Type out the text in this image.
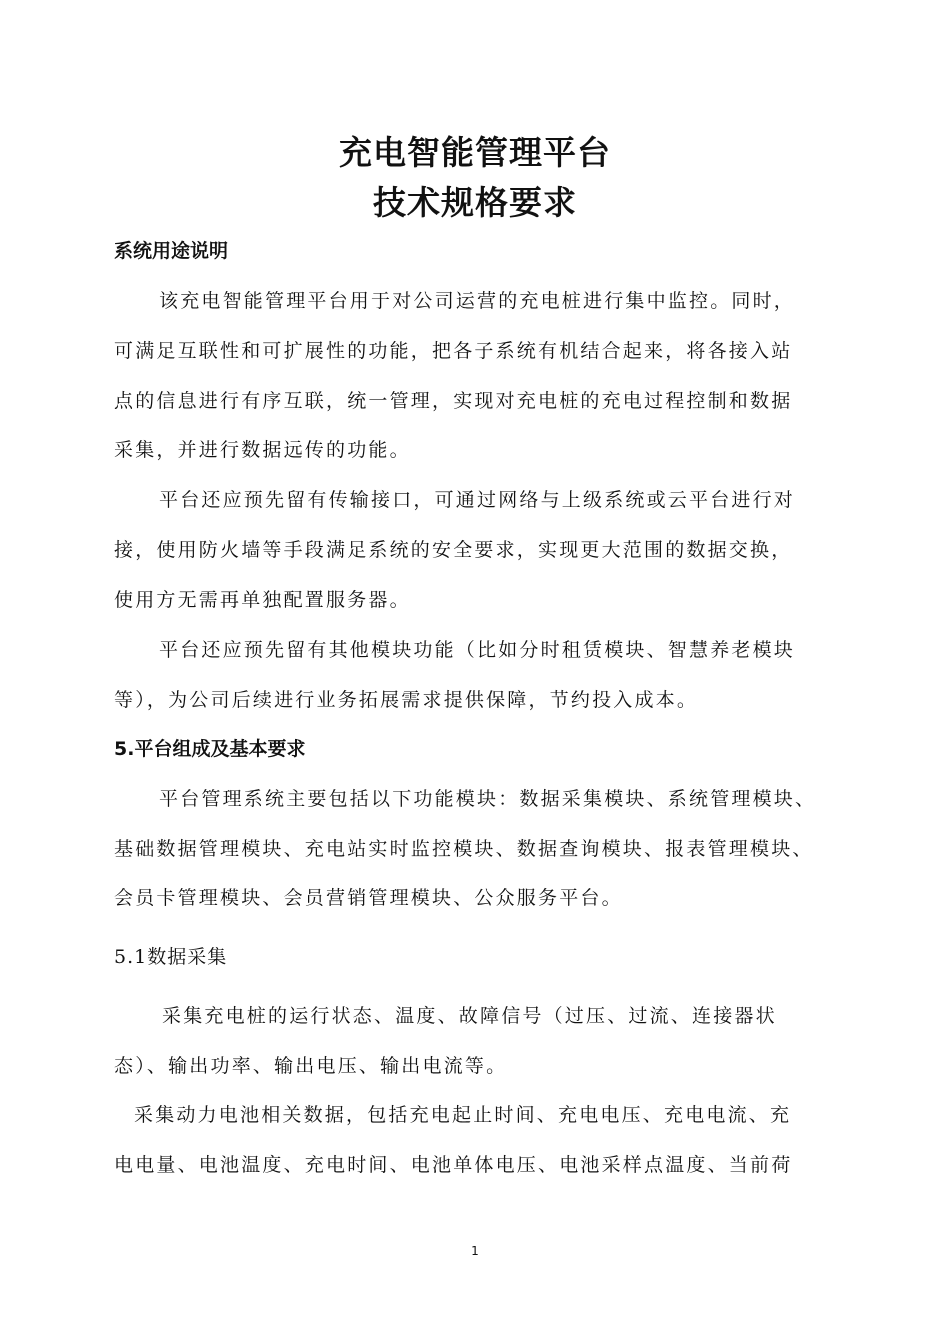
充电智能管理平台
技术规格要求
系统用途说明
该充电智能管理平台用于对公司运营的充电桩进行集中监控。同时，
可满足互联性和可扩展性的功能，把各子系统有机结合起来，将各接入站
点的信息进行有序互联，统一管理，实现对充电桩的充电过程控制和数据
采集，并进行数据远传的功能。
平台还应预先留有传输接口，可通过网络与上级系统或云平台进行对
接，使用防火墙等手段满足系统的安全要求，实现更大范围的数据交换，
使用方无需再单独配置服务器。
平台还应预先留有其他模块功能（比如分时租赁模块、智慧养老模块
等），为公司后续进行业务拓展需求提供保障，节约投入成本。
5.平台组成及基本要求
平台管理系统主要包括以下功能模块：数据采集模块、系统管理模块、
基础数据管理模块、充电站实时监控模块、数据查询模块、报表管理模块、
会员卡管理模块、会员营销管理模块、公众服务平台。
5.1数据采集
采集充电桩的运行状态、温度、故障信号（过压、过流、连接器状
态）、输出功率、输出电压、输出电流等。
采集动力电池相关数据，包括充电起止时间、充电电压、充电电流、充
电电量、电池温度、充电时间、电池单体电压、电池采样点温度、当前荷
1
